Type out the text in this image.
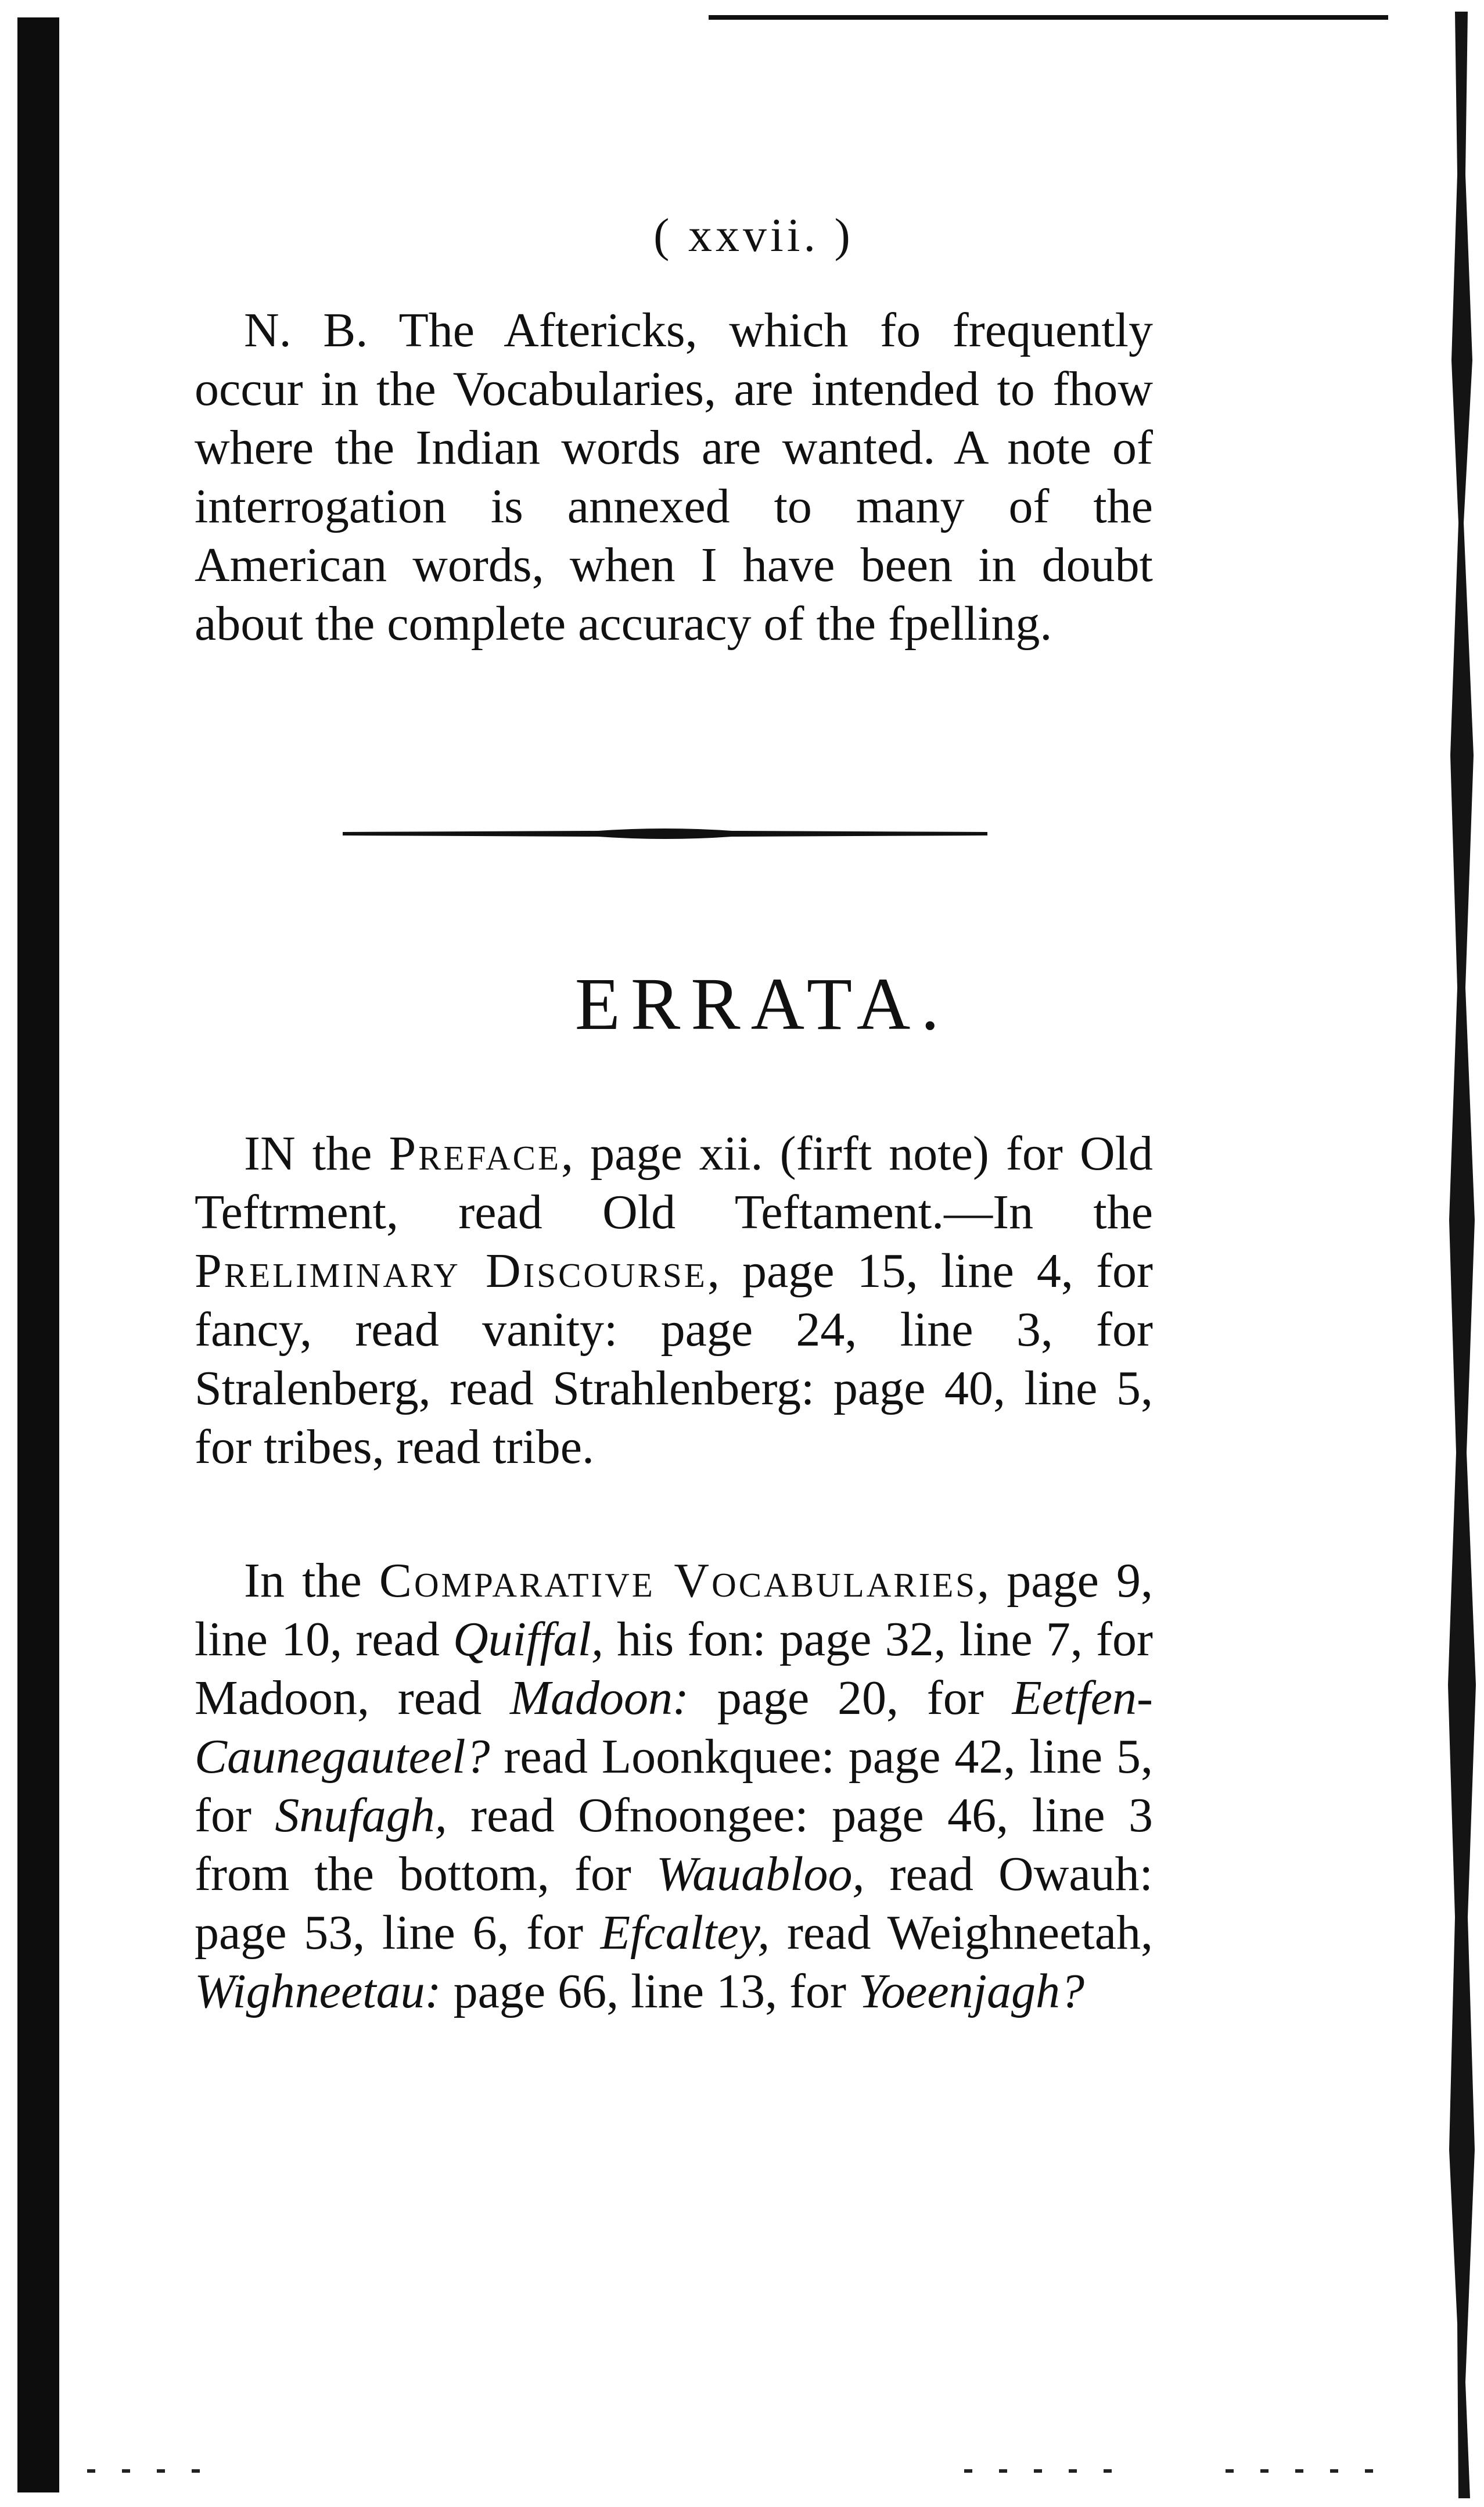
( xxvii. )

N. B. The Aftericks, which fo frequently occur in the Vocabularies, are intended to fhow where the Indian words are wanted. A note of interrogation is annexed to many of the American words, when I have been in doubt about the complete accuracy of the fpelling.

ERRATA.

IN the Preface, page xii. (firft note) for Old Teftrment, read Old Teftament.—In the Preliminary Discourse, page 15, line 4, for fancy, read vanity: page 24, line 3, for Stralenberg, read Strahlenberg: page 40, line 5, for tribes, read tribe.

In the Comparative Vocabularies, page 9, line 10, read Quiffal, his fon: page 32, line 7, for Madoon, read Madoon: page 20, for Eetfen-Caunegauteel? read Loonkquee: page 42, line 5, for Snufagh, read Ofnoongee: page 46, line 3 from the bottom, for Wauabloo, read Owauh: page 53, line 6, for Efcaltey, read Weighneetah, Wighneetau: page 66, line 13, for Yoeenjagh?
